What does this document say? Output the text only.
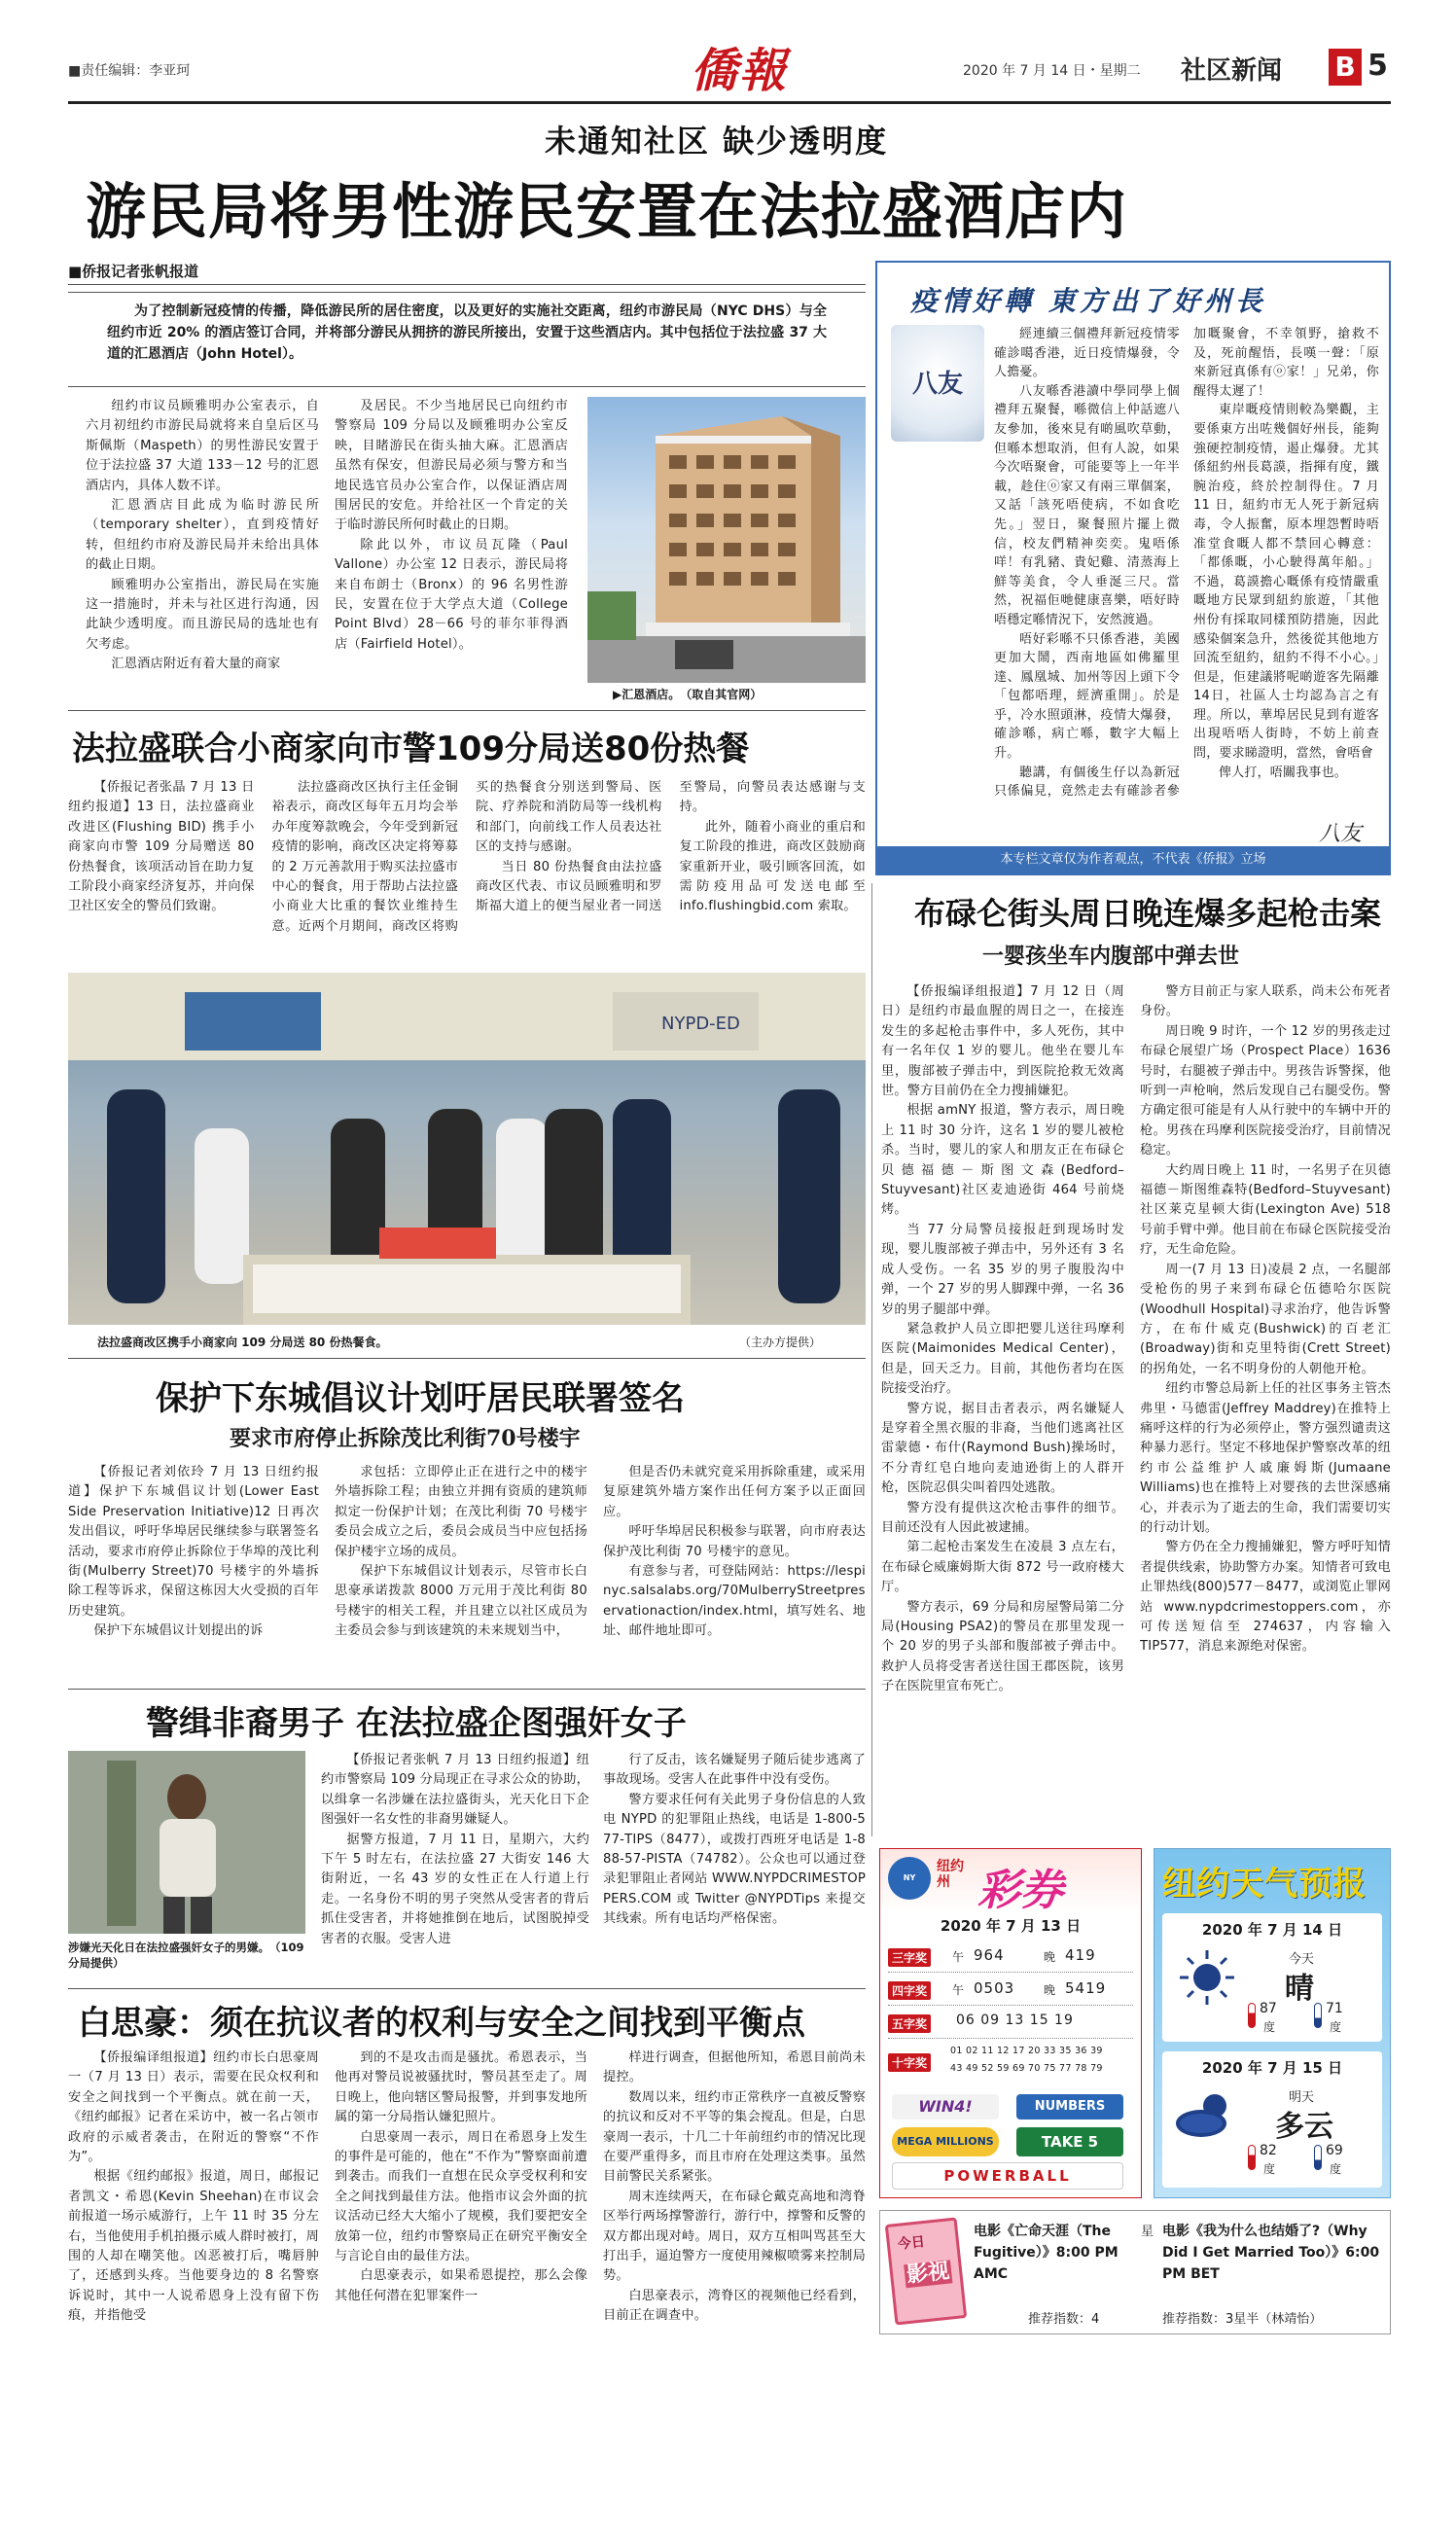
■责任编辑：李亚珂	僑報	2020 年 7 月 14 日・星期二 社区新闻 B 5
未通知社区 缺少透明度
游民局将男性游民安置在法拉盛酒店内
■侨报记者张帆报道
为了控制新冠疫情的传播，降低游民所的居住密度，以及更好的实施社交距离，纽约市游民局（NYC DHS）与全纽约市近 20% 的酒店签订合同，并将部分游民从拥挤的游民所接出，安置于这些酒店内。其中包括位于法拉盛 37 大道的汇恩酒店（John Hotel）。

纽约市议员顾雅明办公室表示，自六月初纽约市游民局就将来自皇后区马斯佩斯（Maspeth）的男性游民安置于位于法拉盛 37 大道 133－12 号的汇恩酒店内，具体人数不详。

汇恩酒店目此成为临时游民所（temporary shelter），直到疫情好转，但纽约市府及游民局并未给出具体的截止日期。

顾雅明办公室指出，游民局在实施这一措施时，并未与社区进行沟通，因此缺少透明度。而且游民局的选址也有欠考虑。

汇恩酒店附近有着大量的商家

及居民。不少当地居民已向纽约市警察局 109 分局以及顾雅明办公室反映，目睹游民在街头抽大麻。汇恩酒店虽然有保安，但游民局必须与警方和当地民选官员办公室合作，以保证酒店周围居民的安危。并给社区一个肯定的关于临时游民所何时截止的日期。

除此以外，市议员瓦隆（Paul Vallone）办公室 12 日表示，游民局将来自布朗士（Bronx）的 96 名男性游民，安置在位于大学点大道（College Point Blvd）28－66 号的菲尔菲得酒店（Fairfield Hotel）。

▶汇恩酒店。　（取自其官网）
疫情好轉 東方出了好州長
八友

經連續三個禮拜新冠疫情零確診噶香港，近日疫情爆發，令人擔憂。

八友喺香港讀中學同學上個禮拜五聚餐，喺微信上仲話遮八友參加，後來見有啲風吹草動，但喺本想取消，但有人說，如果今次唔聚會，可能要等上一年半載，趁住ⓞ家又有兩三單個案，又話「該死唔使病，不如食吃先。」翌日，聚餐照片擺上微信，校友們精神奕奕。鬼唔係咩！有乳豬、貴妃雞、清蒸海上鮮等美食，令人垂涎三尺。當然，祝福佢哋健康喜樂，唔好時唔穩定喺情況下，安然渡過。

唔好彩喺不只係香港，美國更加大鬧，西南地區如佛羅里達、鳳凰城、加州等因上頭下令「包都唔理，經濟重開」。於是乎，冷水照頭淋，疫情大爆發，確診喺，病亡喺，數字大幅上升。

聽講，有個後生仔以為新冠只係偏見，竟然走去有確診者參加嘅聚會，不幸領野，搶救不及，死前醒悟，長嘆一聲：「原來新冠真係有ⓞ家！」兄弟，你醒得太遲了！

東岸嘅疫情則較為樂觀，主要係東方出咗幾個好州長，能夠強硬控制疫情，遏止爆發。尤其係紐約州長葛謨，指揮有度，鐵腕治疫，終於控制得住。7 月 11 日，紐約市无人死于新冠病毒，令人振奮，原本埋怨暫時唔准堂食嘅人都不禁回心轉意：「都係嘅，小心駛得萬年船。」不過，葛謨擔心嘅係有疫情嚴重嘅地方民眾到紐約旅遊，「其他州份有採取同樣預防措施，因此感染個案急升，然後從其他地方回流至紐約，紐約不得不小心。」但是，佢建議將呢啲遊客先隔離14日，社區人士均認為言之有理。所以，華埠居民見到有遊客出現唔唔人街時，不妨上前查問，要求睇證明，當然，會唔會

俾人打，唔關我事也。

八友
本专栏文章仅为作者观点，不代表《侨报》立场
法拉盛联合小商家向市警109分局送80份热餐

【侨报记者张晶 7 月 13 日纽约报道】13 日，法拉盛商业改进区(Flushing BID) 携手小商家向市警 109 分局赠送 80 份热餐食，该项活动旨在助力复工阶段小商家经济复苏，并向保卫社区安全的警员们致谢。

法拉盛商改区执行主任金铜裕表示，商改区每年五月均会举办年度筹款晚会，今年受到新冠疫情的影响，商改区决定将筹募的 2 万元善款用于购买法拉盛市中心的餐食，用于帮助占法拉盛小商业大比重的餐饮业维持生意。近两个月期间，商改区将购买的热餐食分别送到警局、医院、疗养院和消防局等一线机构和部门，向前线工作人员表达社区的支持与感谢。

当日 80 份热餐食由法拉盛商改区代表、市议员顾雅明和罗斯福大道上的便当屋业者一同送至警局，向警员表达感谢与支持。

此外，随着小商业的重启和复工阶段的推进，商改区鼓励商家重新开业，吸引顾客回流，如需防疫用品可发送电邮至 info.flushingbid.com 索取。

NYPD-ED
法拉盛商改区携手小商家向 109 分局送 80 份热餐食。	（主办方提供）
布碌仑街头周日晚连爆多起枪击案
一婴孩坐车内腹部中弹去世

【侨报编译组报道】7 月 12 日（周日）是纽约市最血腥的周日之一，在接连发生的多起枪击事件中，多人死伤，其中有一名年仅 1 岁的婴儿。他坐在婴儿车里，腹部被子弹击中，到医院抢救无效离世。警方目前仍在全力搜捕嫌犯。

根据 amNY 报道，警方表示，周日晚上 11 时 30 分许，这名 1 岁的婴儿被枪杀。当时，婴儿的家人和朋友正在布碌仑贝德福德－斯图文森(Bedford–Stuyvesant)社区麦迪逊街 464 号前烧烤。

当 77 分局警员接报赶到现场时发现，婴儿腹部被子弹击中，另外还有 3 名成人受伤。一名 35 岁的男子腹股沟中弹，一个 27 岁的男人脚踝中弹，一名 36 岁的男子腿部中弹。

紧急救护人员立即把婴儿送往玛摩利医院(Maimonides Medical Center)，但是，回天乏力。目前，其他伤者均在医院接受治疗。

警方说，据目击者表示，两名嫌疑人是穿着全黑衣服的非裔，当他们逃离社区雷蒙德・布什(Raymond Bush)操场时，不分青红皂白地向麦迪逊街上的人群开枪，医院忍俱尖叫着四处逃散。

警方没有提供这次枪击事件的细节。目前还没有人因此被逮捕。

第二起枪击案发生在凌晨 3 点左右，在布碌仑威廉姆斯大街 872 号一政府楼大厅。

警方表示，69 分局和房屋警局第二分局(Housing PSA2)的警员在那里发现一个 20 岁的男子头部和腹部被子弹击中。救护人员将受害者送往国王郡医院，该男子在医院里宣布死亡。

警方目前正与家人联系，尚未公布死者身份。

周日晚 9 时许，一个 12 岁的男孩走过布碌仑展望广场（Prospect Place）1636 号时，右腿被子弹击中。男孩告诉警探，他听到一声枪响，然后发现自己右腿受伤。警方确定很可能是有人从行驶中的车辆中开的枪。男孩在玛摩利医院接受治疗，目前情况稳定。

大约周日晚上 11 时，一名男子在贝德福德－斯图维森特(Bedford–Stuyvesant)社区莱克星顿大街(Lexington Ave) 518 号前手臂中弹。他目前在布碌仑医院接受治疗，无生命危险。

周一(7 月 13 日)凌晨 2 点，一名腿部受枪伤的男子来到布碌仑伍德哈尔医院(Woodhull Hospital)寻求治疗，他告诉警方，在布什威克(Bushwick)的百老汇(Broadway)街和克里特街(Crett Street)的拐角处，一名不明身份的人朝他开枪。

纽约市警总局新上任的社区事务主管杰弗里・马德雷(Jeffrey Maddrey)在推特上痛呼这样的行为必须停止，警方强烈谴责这种暴力恶行。坚定不移地保护警察改革的纽约市公益维护人戚廉姆斯(Jumaane Williams)也在推特上对婴孩的去世深感痛心，并表示为了逝去的生命，我们需要切实的行动计划。

警方仍在全力搜捕嫌犯，警方呼吁知情者提供线索，协助警方办案。知情者可致电止罪热线(800)577－8477，或浏览止罪网站 www.nypdcrimestoppers.com，亦可传送短信至 274637，内容输入 TIP577，消息来源绝对保密。

保护下东城倡议计划吁居民联署签名
要求市府停止拆除茂比利街70号楼宇

【侨报记者刘依玲 7 月 13 日纽约报道】保护下东城倡议计划(Lower East Side Preservation Initiative)12 日再次发出倡议，呼吁华埠居民继续参与联署签名活动，要求市府停止拆除位于华埠的茂比利街(Mulberry Street)70 号楼宇的外墙拆除工程等诉求，保留这栋因大火受损的百年历史建筑。

保护下东城倡议计划提出的诉

求包括：立即停止正在进行之中的楼宇外墙拆除工程；由独立并拥有资质的建筑师拟定一份保护计划；在茂比利街 70 号楼宇委员会成立之后，委员会成员当中应包括扬保护楼宇立场的成员。

保护下东城倡议计划表示，尽管市长白思豪承诺拨款 8000 万元用于茂比利街 80 号楼宇的相关工程，并且建立以社区成员为主委员会参与到该建筑的未来规划当中，

但是否仍未就究竟采用拆除重建，或采用复原建筑外墙方案作出任何方案予以正面回应。

呼吁华埠居民积极参与联署，向市府表达保护茂比利街 70 号楼宇的意见。

有意参与者，可登陆网站：https://lespinyc.salsalabs.org/70MulberryStreetpreservationaction/index.html，填写姓名、地址、邮件地址即可。

警缉非裔男子 在法拉盛企图强奸女子
涉嫌光天化日在法拉盛强奸女子的男嫌。　（109 分局提供）

【侨报记者张帆 7 月 13 日纽约报道】纽约市警察局 109 分局现正在寻求公众的协助，以缉拿一名涉嫌在法拉盛街头，光天化日下企图强奸一名女性的非裔男嫌疑人。

据警方报道，7 月 11 日，星期六，大约下午 5 时左右，在法拉盛 27 大街安 146 大街附近，一名 43 岁的女性正在人行道上行走。一名身份不明的男子突然从受害者的背后抓住受害者，并将她推倒在地后，试图脱掉受害者的衣服。受害人进

行了反击，该名嫌疑男子随后徒步逃离了事故现场。受害人在此事件中没有受伤。

警方要求任何有关此男子身份信息的人致电 NYPD 的犯罪阻止热线，电话是 1-800-577-TIPS（8477），或拨打西班牙电话是 1-888-57-PISTA（74782）。公众也可以通过登录犯罪阻止者网站 WWW.NYPDCRIMESTOPPERS.COM 或 Twitter @NYPDTips 来提交其线索。所有电话均严格保密。

白思豪：须在抗议者的权利与安全之间找到平衡点

【侨报编译组报道】纽约市长白思豪周一（7 月 13 日）表示，需要在民众权利和安全之间找到一个平衡点。就在前一天，《纽约邮报》记者在采访中，被一名占领市政府的示威者袭击，在附近的警察“不作为”。

根据《纽约邮报》报道，周日，邮报记者凯文・希恩(Kevin Sheehan)在市议会前报道一场示威游行，上午 11 时 35 分左右，当他使用手机拍摄示威人群时被打，周围的人却在嘲笑他。凶恶被打后，嘴唇肿了，还感到头疼。当他要身边的 8 名警察诉说时，其中一人说希恩身上没有留下伤痕，并指他受

到的不是攻击而是骚扰。希恩表示，当他再对警员说被骚扰时，警员甚至走了。周日晚上，他向辖区警局报警，并到事发地所属的第一分局指认嫌犯照片。

白思豪周一表示，周日在希恩身上发生的事件是可能的，他在“不作为”警察面前遭到袭击。而我们一直想在民众享受权利和安全之间找到最佳方法。他指市议会外面的抗议活动已经大大缩小了规模，我们要把安全放第一位，纽约市警察局正在研究平衡安全与言论自由的最佳方法。

白思豪表示，如果希恩提控，那么会像其他任何潜在犯罪案件一

样进行调查，但据他所知，希恩目前尚未提控。

数周以来，纽约市正常秩序一直被反警察的抗议和反对不平等的集会搅乱。但是，白思豪周一表示，十几二十年前纽约市的情况比现在要严重得多，而且市府在处理这类事。虽然目前警民关系紧张。

周末连续两天，在布碌仑戴克高地和湾脊区举行两场撑警游行，游行中，撑警和反警的双方都出现对峙。周日，双方互相叫骂甚至大打出手，逼迫警方一度使用辣椒喷雾来控制局势。

白思豪表示，湾脊区的视频他已经看到，目前正在调查中。

NY LOTTERY
纽约州 彩券
2020 年 7 月 13 日
三字奖	午 964	晚 419
四字奖	午 0503 晚 5419
五字奖 06 09 13 15 19
十字奖
01 02 11 12 17 20 33 35 36 39
43 49 52 59 69 70 75 77 78 79
WIN4!	NUMBERS
MEGA MILLIONS	TAKE 5
POWERBALL
纽约天气预报
2020 年 7 月 14 日
今天
晴
87
度
71
度
2020 年 7 月 15 日
明天
多云
82
度
69
度
今日
影视
电影《亡命天涯（The Fugitive）》8:00 PM AMC
推荐指数：4
星 电影《我为什么也结婚了?（Why Did I Get Married Too）》6:00 PM BET
推荐指数：3星半（林靖怡）
